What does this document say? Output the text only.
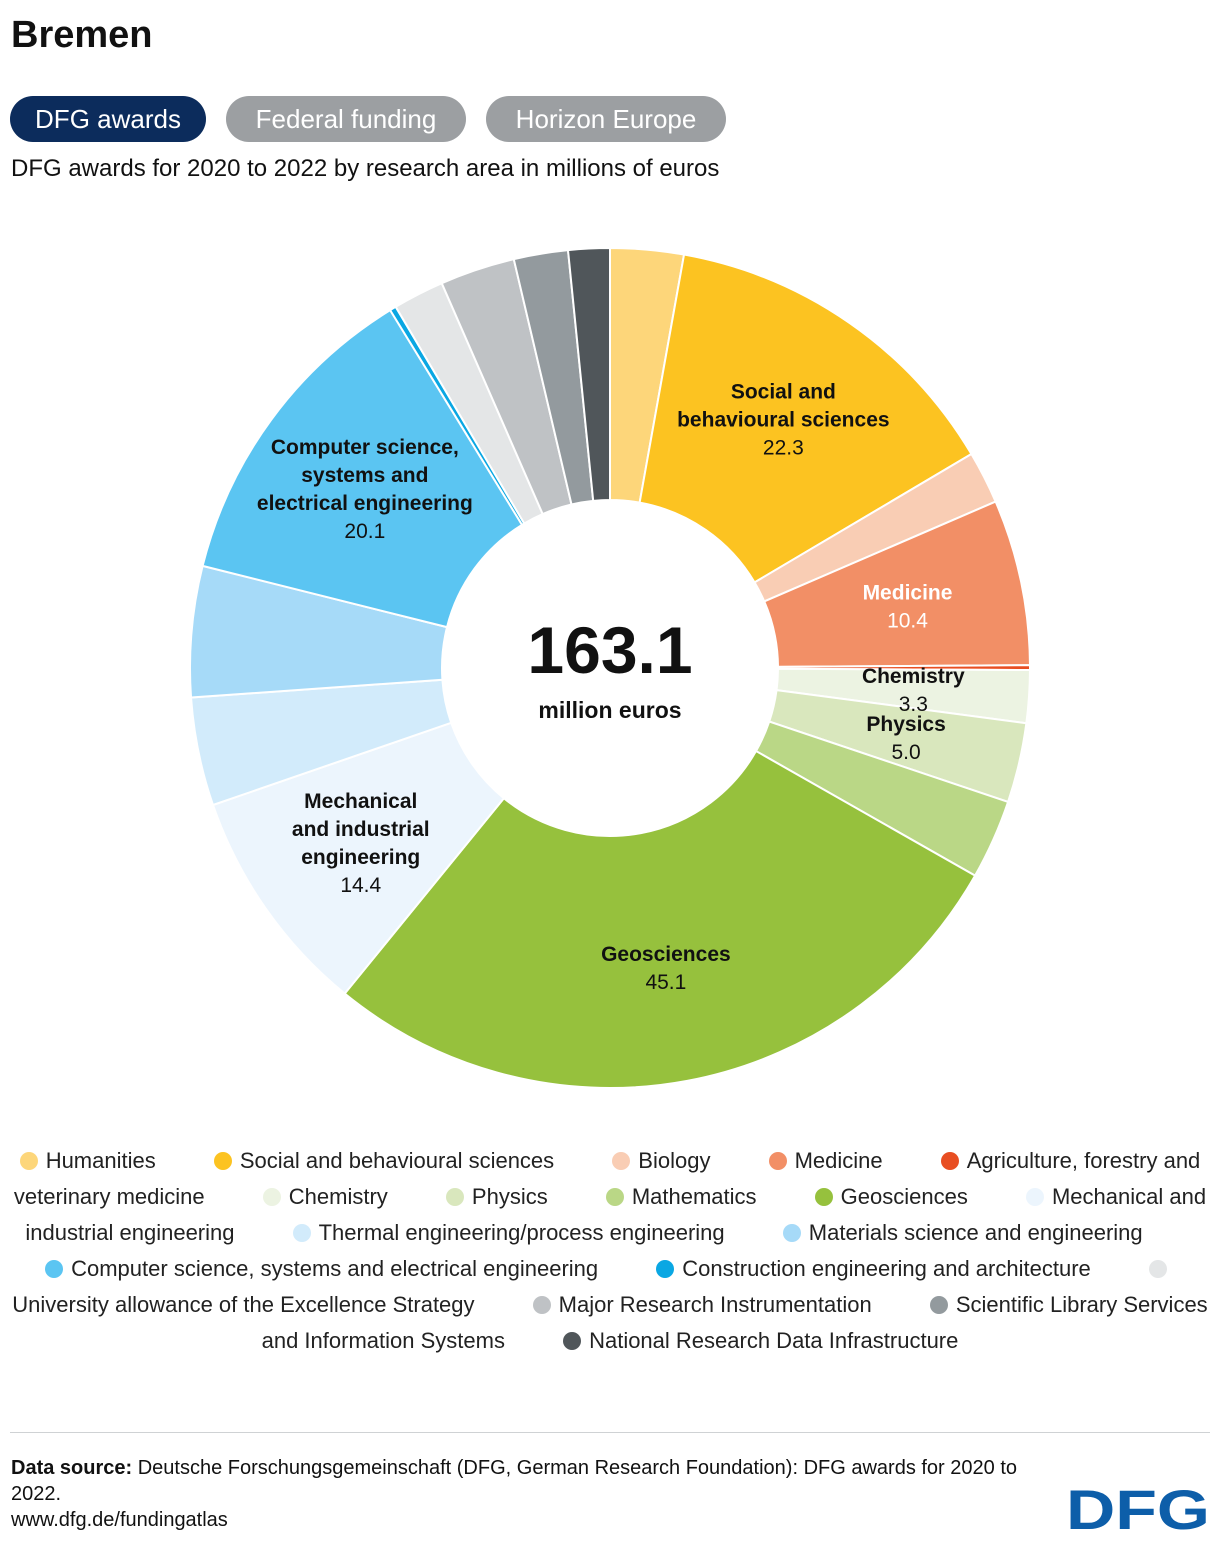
Bremen
DFG awards	Federal funding	Horizon Europe
DFG awards for 2020 to 2022 by research area in millions of euros
Social and behavioural sciences 22.3
Medicine 10.4
Chemistry 3.3
Physics 5.0
Geosciences 45.1
Mechanical and industrial engineering 14.4
Computer science, systems and electrical engineering 20.1
163.1
million euros
Humanities	Social and behavioural sciences	Biology	Medicine	Agriculture, forestry and veterinary medicine	Chemistry	Physics	Mathematics	Geosciences	Mechanical and industrial engineering	Thermal engineering/process engineering	Materials science and engineering Computer science, systems and electrical engineering	Construction engineering and architecture University allowance of the Excellence Strategy	Major Research Instrumentation	Scientific Library Services and Information Systems	National Research Data Infrastructure
Data source: Deutsche Forschungsgemeinschaft (DFG, German Research Foundation): DFG awards for 2020 to 2022.
www.dfg.de/fundingatlas	DFG
